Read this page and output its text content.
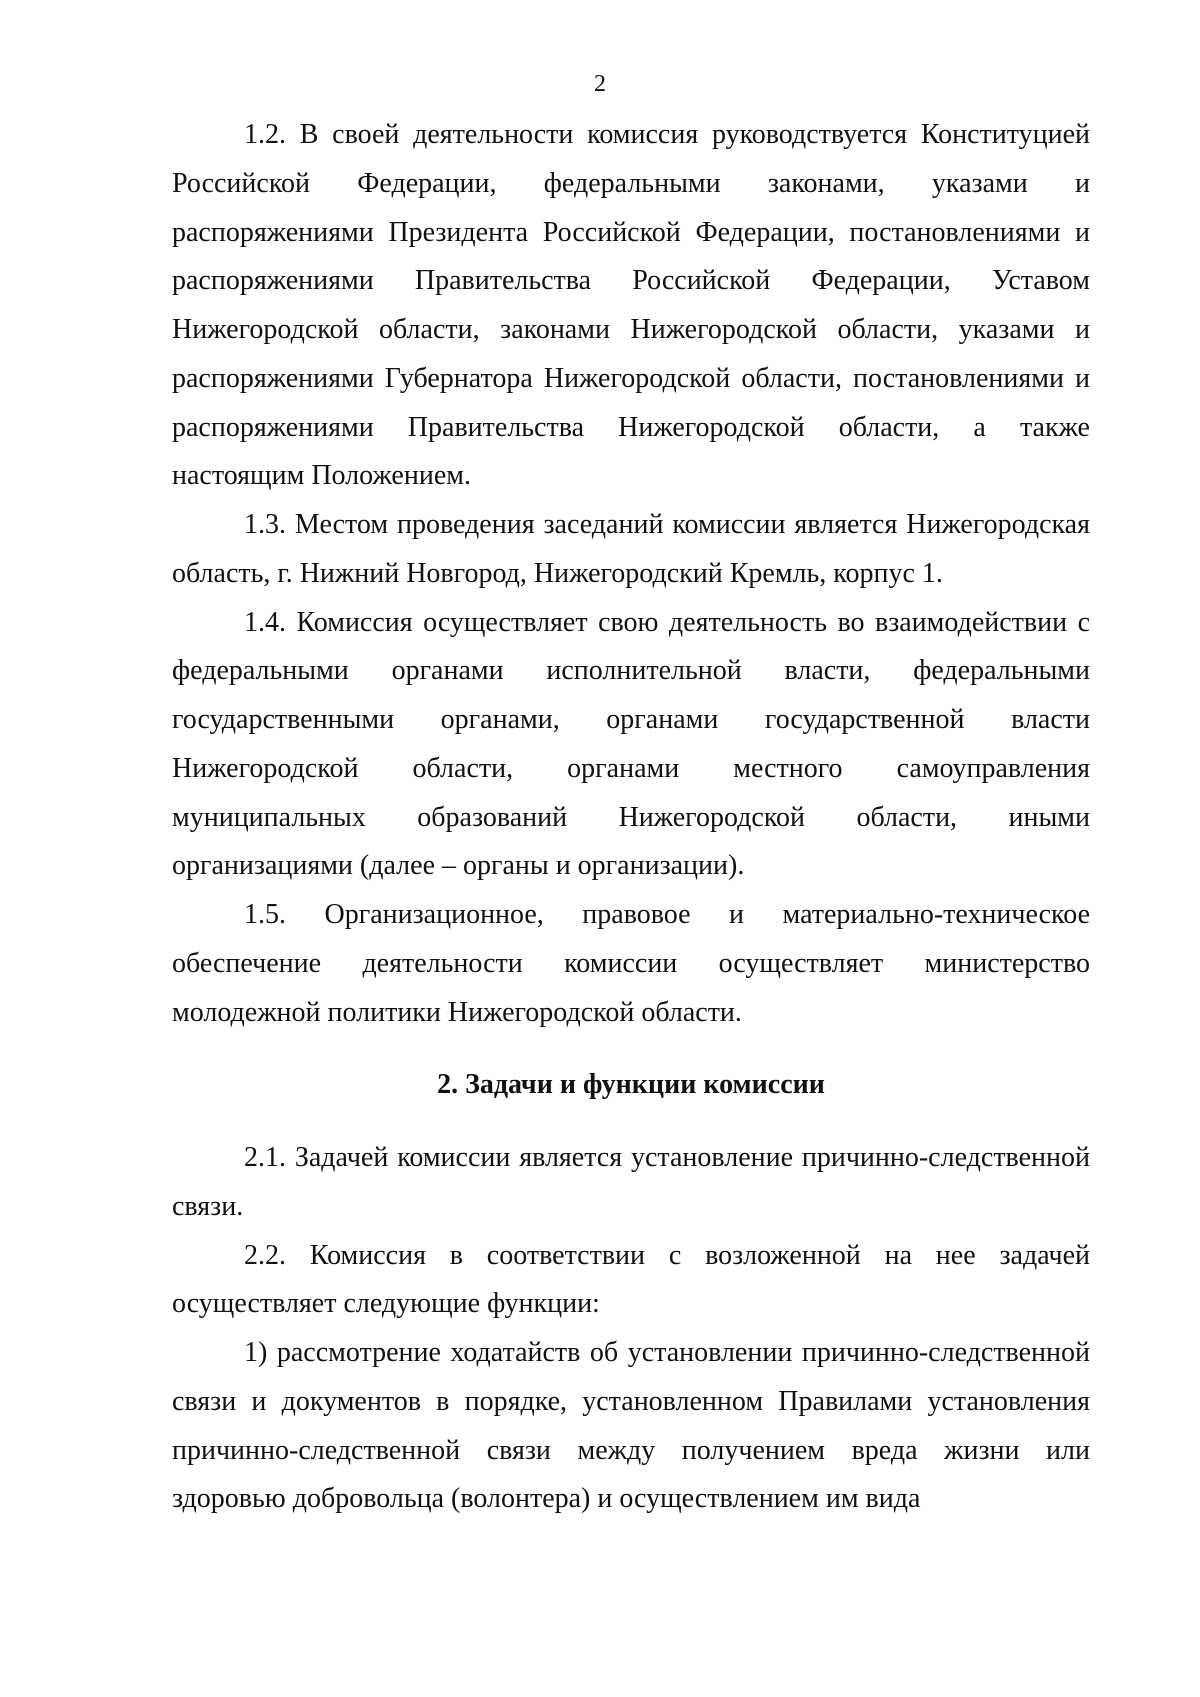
2

1.2. В своей деятельности комиссия руководствуется Конституцией Российской Федерации, федеральными законами, указами и распоряжениями Президента Российской Федерации, постановлениями и распоряжениями Правительства Российской Федерации, Уставом Нижегородской области, законами Нижегородской области, указами и распоряжениями Губернатора Нижегородской области, постановлениями и распоряжениями Правительства Нижегородской области, а также настоящим Положением.

1.3. Местом проведения заседаний комиссии является Нижегородская область, г. Нижний Новгород, Нижегородский Кремль, корпус 1.

1.4. Комиссия осуществляет свою деятельность во взаимодействии с федеральными органами исполнительной власти, федеральными государственными органами, органами государственной власти Нижегородской области, органами местного самоуправления муниципальных образований Нижегородской области, иными организациями (далее – органы и организации).

1.5. Организационное, правовое и материально-техническое обеспечение деятельности комиссии осуществляет министерство молодежной политики Нижегородской области.

2. Задачи и функции комиссии

2.1. Задачей комиссии является установление причинно-следственной связи.

2.2. Комиссия в соответствии с возложенной на нее задачей осуществляет следующие функции:

1) рассмотрение ходатайств об установлении причинно-следственной связи и документов в порядке, установленном Правилами установления причинно-следственной связи между получением вреда жизни или здоровью добровольца (волонтера) и осуществлением им вида
